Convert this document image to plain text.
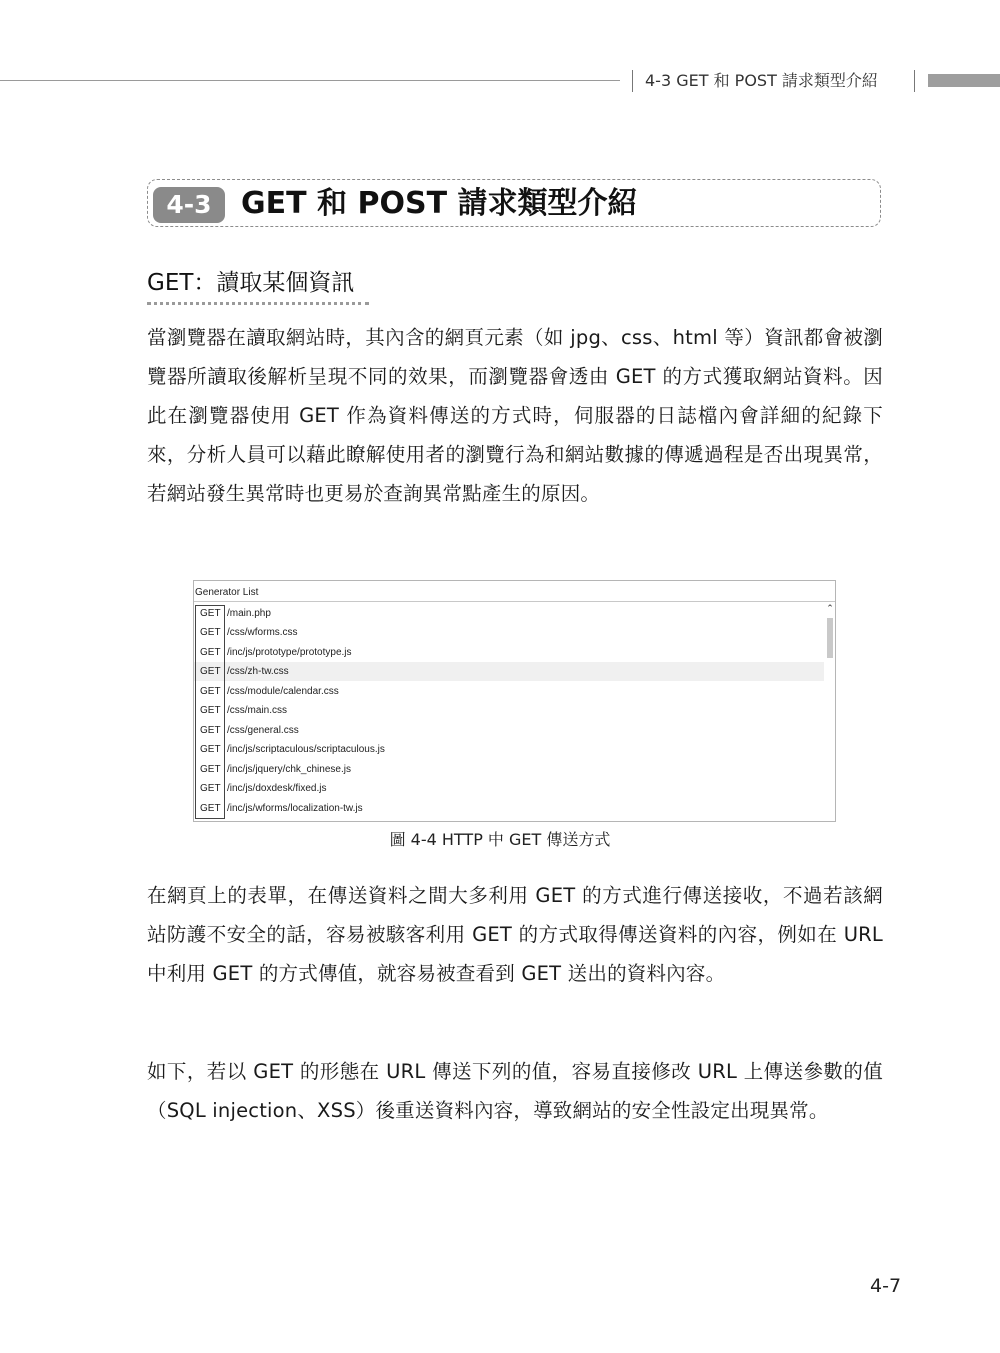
4-3 GET 和 POST 請求類型介紹
4-3 GET 和 POST 請求類型介紹
GET：讀取某個資訊

當瀏覽器在讀取網站時，其內含的網頁元素（如 jpg、css、html 等）資訊都會被瀏覽器所讀取後解析呈現不同的效果，而瀏覽器會透由 GET 的方式獲取網站資料。因此在瀏覽器使用 GET 作為資料傳送的方式時，伺服器的日誌檔內會詳細的紀錄下來，分析人員可以藉此瞭解使用者的瀏覽行為和網站數據的傳遞過程是否出現異常，若網站發生異常時也更易於查詢異常點產生的原因。

Generator List
GET /main.php
GET /css/wforms.css
GET /inc/js/prototype/prototype.js
GET /css/zh-tw.css
GET /css/module/calendar.css
GET /css/main.css
GET /css/general.css
GET /inc/js/scriptaculous/scriptaculous.js
GET /inc/js/jquery/chk_chinese.js
GET /inc/js/doxdesk/fixed.js
GET /inc/js/wforms/localization-tw.js
⌃
圖 4-4 HTTP 中 GET 傳送方式

在網頁上的表單，在傳送資料之間大多利用 GET 的方式進行傳送接收，不過若該網站防護不安全的話，容易被駭客利用 GET 的方式取得傳送資料的內容，例如在 URL 中利用 GET 的方式傳值，就容易被查看到 GET 送出的資料內容。

如下，若以 GET 的形態在 URL 傳送下列的值，容易直接修改 URL 上傳送參數的值（SQL injection、XSS）後重送資料內容，導致網站的安全性設定出現異常。

4-7
